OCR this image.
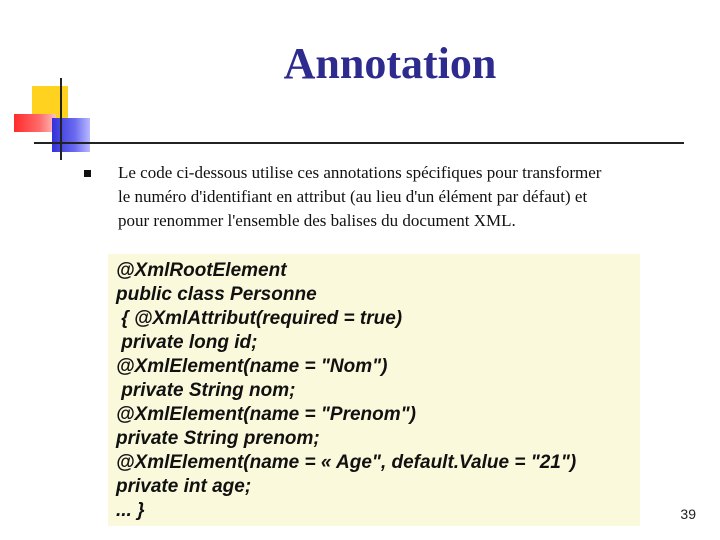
Annotation
Le code ci-dessous utilise ces annotations spécifiques pour transformer
le numéro d'identifiant en attribut (au lieu d'un élément par défaut) et
pour renommer l'ensemble des balises du document XML.
@XmlRootElement
public class Personne
{ @XmlAttribut(required = true)
private long id;
@XmlElement(name = "Nom")
private String nom;
@XmlElement(name = "Prenom")
private String prenom;
@XmlElement(name = « Age", default.Value = "21")
private int age;
... }	39
